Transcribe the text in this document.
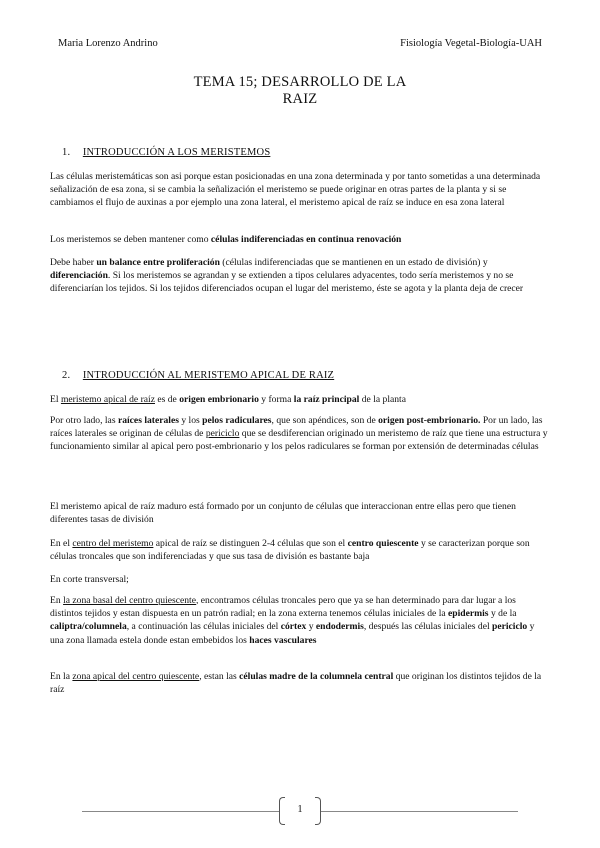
Maria Lorenzo Andrino	Fisiología Vegetal-Biología-UAH
TEMA 15; DESARROLLO DE LA
RAIZ
1. INTRODUCCIÓN A LOS MERISTEMOS

Las células meristemáticas son asi porque estan posicionadas en una zona determinada y por tanto sometidas a una determinada señalización de esa zona, si se cambia la señalización el meristemo se puede originar en otras partes de la planta y si se cambiamos el flujo de auxinas a por ejemplo una zona lateral, el meristemo apical de raíz se induce en esa zona lateral

Los meristemos se deben mantener como células indiferenciadas en continua renovación

Debe haber un balance entre proliferación (células indiferenciadas que se mantienen en un estado de división) y diferenciación. Si los meristemos se agrandan y se extienden a tipos celulares adyacentes, todo sería meristemos y no se diferenciarían los tejidos. Si los tejidos diferenciados ocupan el lugar del meristemo, éste se agota y la planta deja de crecer

2. INTRODUCCIÓN AL MERISTEMO APICAL DE RAIZ

El meristemo apical de raíz es de origen embrionario y forma la raíz principal de la planta

Por otro lado, las raíces laterales y los pelos radiculares, que son apéndices, son de origen post-embrionario. Por un lado, las raíces laterales se originan de células de periciclo que se desdiferencian originado un meristemo de raíz que tiene una estructura y funcionamiento similar al apical pero post-embrionario y los pelos radiculares se forman por extensión de determinadas células

El meristemo apical de raíz maduro está formado por un conjunto de células que interaccionan entre ellas pero que tienen diferentes tasas de división

En el centro del meristemo apical de raíz se distinguen 2-4 células que son el centro quiescente y se caracterizan porque son células troncales que son indiferenciadas y que sus tasa de división es bastante baja

En corte transversal;

En la zona basal del centro quiescente, encontramos células troncales pero que ya se han determinado para dar lugar a los distintos tejidos y estan dispuesta en un patrón radial; en la zona externa tenemos células iniciales de la epidermis y de la caliptra/columnela, a continuación las células iniciales del córtex y endodermis, después las células iniciales del periciclo y una zona llamada estela donde estan embebidos los haces vasculares

En la zona apical del centro quiescente, estan las células madre de la columnela central que originan los distintos tejidos de la raíz

1
